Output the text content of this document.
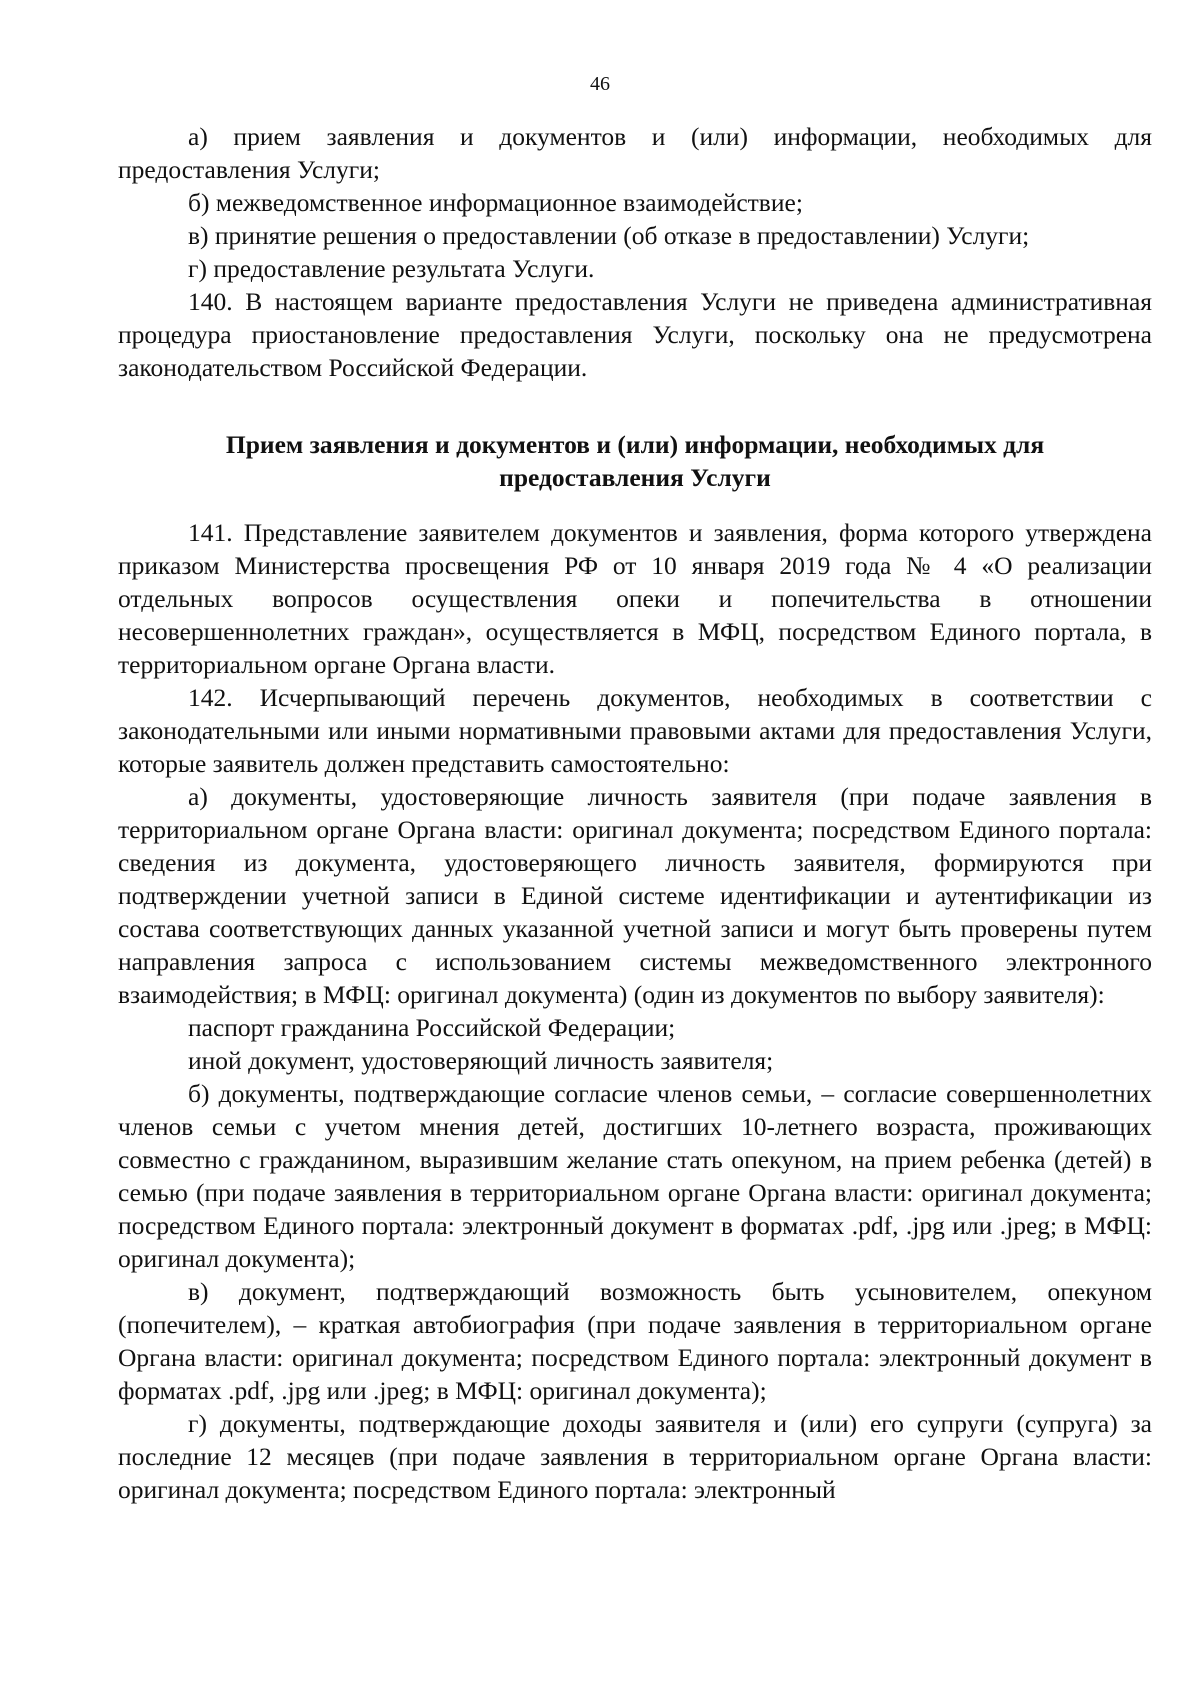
46

а) прием заявления и документов и (или) информации, необходимых для предоставления Услуги;

б) межведомственное информационное взаимодействие;

в) принятие решения о предоставлении (об отказе в предоставлении) Услуги;

г) предоставление результата Услуги.

140. В настоящем варианте предоставления Услуги не приведена административная процедура приостановление предоставления Услуги, поскольку она не предусмотрена законодательством Российской Федерации.

Прием заявления и документов и (или) информации, необходимых для предоставления Услуги

141. Представление заявителем документов и заявления, форма которого утверждена приказом Министерства просвещения РФ от 10 января 2019 года № 4 «О реализации отдельных вопросов осуществления опеки и попечительства в отношении несовершеннолетних граждан», осуществляется в МФЦ, посредством Единого портала, в территориальном органе Органа власти.

142. Исчерпывающий перечень документов, необходимых в соответствии с законодательными или иными нормативными правовыми актами для предоставления Услуги, которые заявитель должен представить самостоятельно:

а) документы, удостоверяющие личность заявителя (при подаче заявления в территориальном органе Органа власти: оригинал документа; посредством Единого портала: сведения из документа, удостоверяющего личность заявителя, формируются при подтверждении учетной записи в Единой системе идентификации и аутентификации из состава соответствующих данных указанной учетной записи и могут быть проверены путем направления запроса с использованием системы межведомственного электронного взаимодействия; в МФЦ: оригинал документа) (один из документов по выбору заявителя):

паспорт гражданина Российской Федерации;

иной документ, удостоверяющий личность заявителя;

б) документы, подтверждающие согласие членов семьи, – согласие совершеннолетних членов семьи с учетом мнения детей, достигших 10-летнего возраста, проживающих совместно с гражданином, выразившим желание стать опекуном, на прием ребенка (детей) в семью (при подаче заявления в территориальном органе Органа власти: оригинал документа; посредством Единого портала: электронный документ в форматах .pdf, .jpg или .jpeg; в МФЦ: оригинал документа);

в) документ, подтверждающий возможность быть усыновителем, опекуном (попечителем), – краткая автобиография (при подаче заявления в территориальном органе Органа власти: оригинал документа; посредством Единого портала: электронный документ в форматах .pdf, .jpg или .jpeg; в МФЦ: оригинал документа);

г) документы, подтверждающие доходы заявителя и (или) его супруги (супруга) за последние 12 месяцев (при подаче заявления в территориальном органе Органа власти: оригинал документа; посредством Единого портала: электронный
